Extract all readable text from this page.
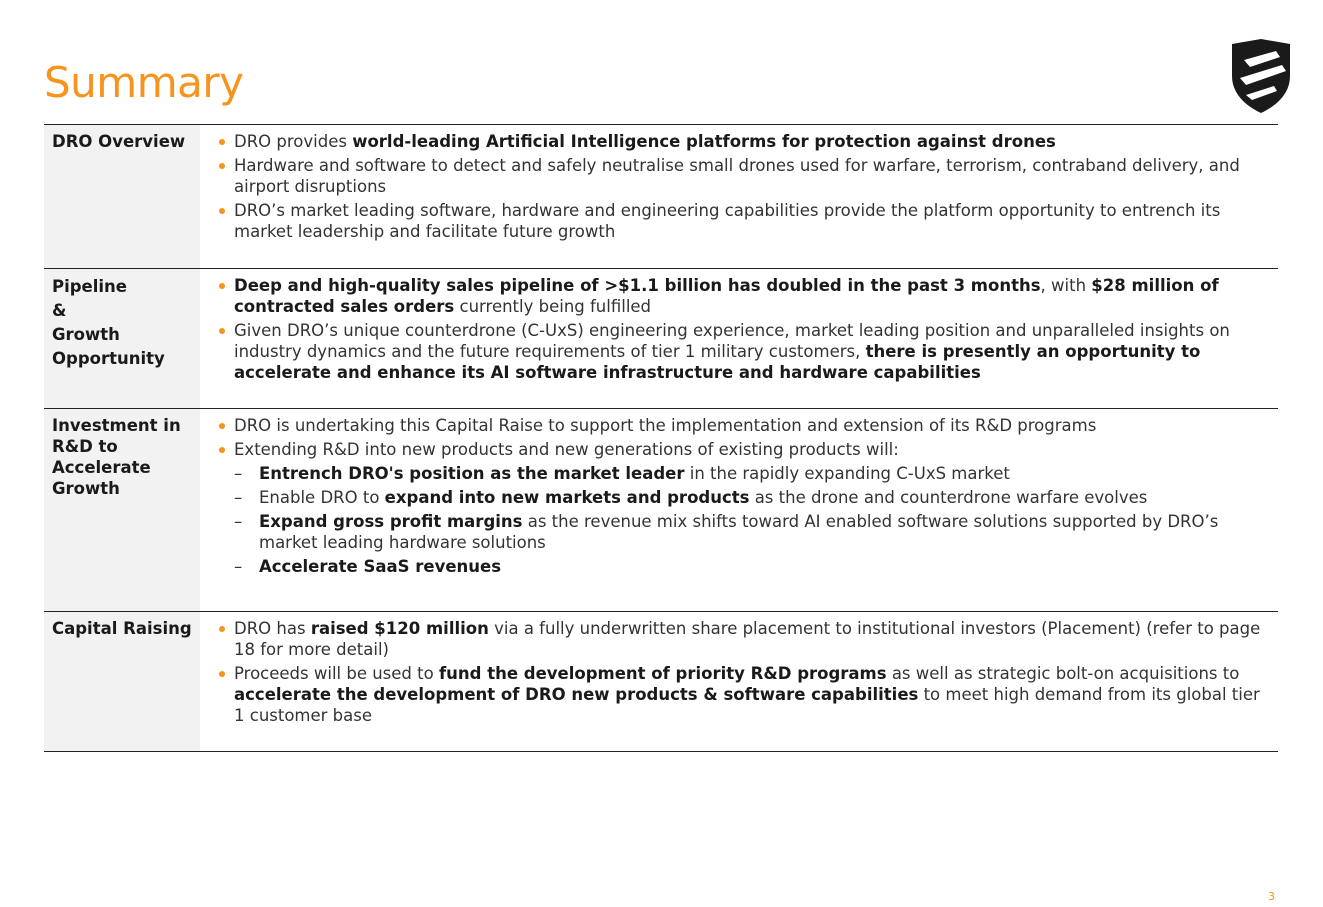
Summary
DRO Overview	DRO provides world-leading Artificial Intelligence platforms for protection against drones
Hardware and software to detect and safely neutralise small drones used for warfare, terrorism, contraband delivery, and airport disruptions
DRO’s market leading software, hardware and engineering capabilities provide the platform opportunity to entrench its market leadership and facilitate future growth
Pipeline
&
Growth
Opportunity
Deep and high-quality sales pipeline of >$1.1 billion has doubled in the past 3 months, with $28 million of contracted sales orders currently being fulfilled
Given DRO’s unique counterdrone (C-UxS) engineering experience, market leading position and unparalleled insights on industry dynamics and the future requirements of tier 1 military customers, there is presently an opportunity to accelerate and enhance its AI software infrastructure and hardware capabilities
Investment in
R&D to
Accelerate
Growth
DRO is undertaking this Capital Raise to support the implementation and extension of its R&D programs
Extending R&D into new products and new generations of existing products will:
– Entrench DRO's position as the market leader in the rapidly expanding C-UxS market
– Enable DRO to expand into new markets and products as the drone and counterdrone warfare evolves
– Expand gross profit margins as the revenue mix shifts toward AI enabled software solutions supported by DRO’s market leading hardware solutions
– Accelerate SaaS revenues
Capital Raising	DRO has raised $120 million via a fully underwritten share placement to institutional investors (Placement) (refer to page 18 for more detail)
Proceeds will be used to fund the development of priority R&D programs as well as strategic bolt-on acquisitions to accelerate the development of DRO new products & software capabilities to meet high demand from its global tier 1 customer base
3
